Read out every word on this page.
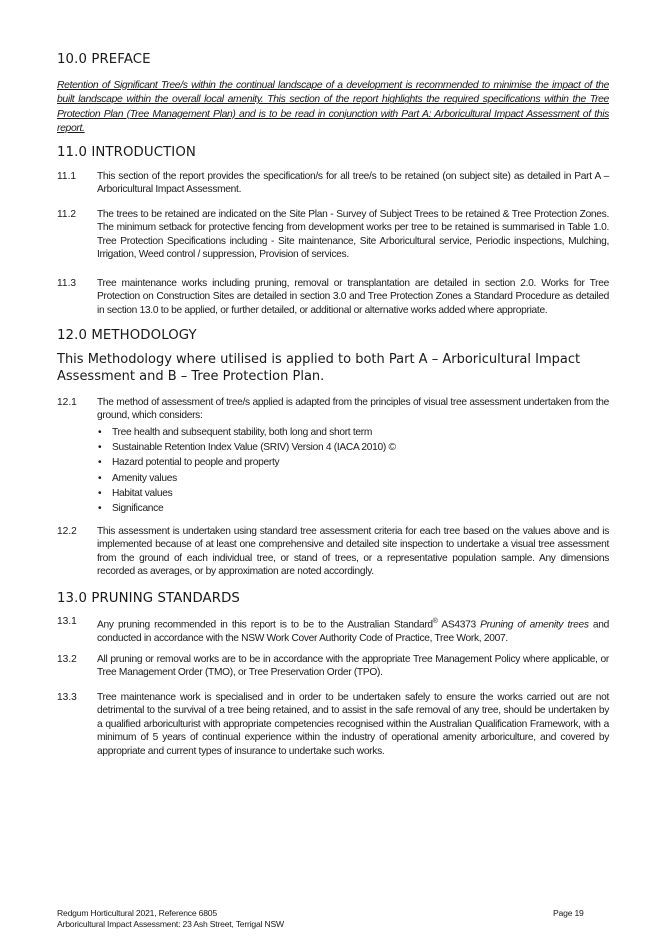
10.0 PREFACE

Retention of Significant Tree/s within the continual landscape of a development is recommended to minimise the impact of the built landscape within the overall local amenity. This section of the report highlights the required specifications within the Tree Protection Plan (Tree Management Plan) and is to be read in conjunction with Part A: Arboricultural Impact Assessment of this report.

11.0 INTRODUCTION
11.1 This section of the report provides the specification/s for all tree/s to be retained (on subject site) as detailed in Part A – Arboricultural Impact Assessment.
11.2 The trees to be retained are indicated on the Site Plan - Survey of Subject Trees to be retained & Tree Protection Zones. The minimum setback for protective fencing from development works per tree to be retained is summarised in Table 1.0. Tree Protection Specifications including - Site maintenance, Site Arboricultural service, Periodic inspections, Mulching, Irrigation, Weed control / suppression, Provision of services.
11.3 Tree maintenance works including pruning, removal or transplantation are detailed in section 2.0. Works for Tree Protection on Construction Sites are detailed in section 3.0 and Tree Protection Zones a Standard Procedure as detailed in section 13.0 to be applied, or further detailed, or additional or alternative works added where appropriate.
12.0 METHODOLOGY

This Methodology where utilised is applied to both Part A – Arboricultural Impact Assessment and B – Tree Protection Plan.

12.1 The method of assessment of tree/s applied is adapted from the principles of visual tree assessment undertaken from the ground, which considers:
• Tree health and subsequent stability, both long and short term
• Sustainable Retention Index Value (SRIV) Version 4 (IACA 2010) ©
• Hazard potential to people and property
• Amenity values
• Habitat values
• Significance
12.2 This assessment is undertaken using standard tree assessment criteria for each tree based on the values above and is implemented because of at least one comprehensive and detailed site inspection to undertake a visual tree assessment from the ground of each individual tree, or stand of trees, or a representative population sample. Any dimensions recorded as averages, or by approximation are noted accordingly.
13.0 PRUNING STANDARDS
13.1 Any pruning recommended in this report is to be to the Australian Standard® AS4373 Pruning of amenity trees and conducted in accordance with the NSW Work Cover Authority Code of Practice, Tree Work, 2007.
13.2 All pruning or removal works are to be in accordance with the appropriate Tree Management Policy where applicable, or Tree Management Order (TMO), or Tree Preservation Order (TPO).
13.3 Tree maintenance work is specialised and in order to be undertaken safely to ensure the works carried out are not detrimental to the survival of a tree being retained, and to assist in the safe removal of any tree, should be undertaken by a qualified arboriculturist with appropriate competencies recognised within the Australian Qualification Framework, with a minimum of 5 years of continual experience within the industry of operational amenity arboriculture, and covered by appropriate and current types of insurance to undertake such works.
Redgum Horticultural 2021, Reference 6805
Arboricultural Impact Assessment: 23 Ash Street, Terrigal NSW
Page 19
